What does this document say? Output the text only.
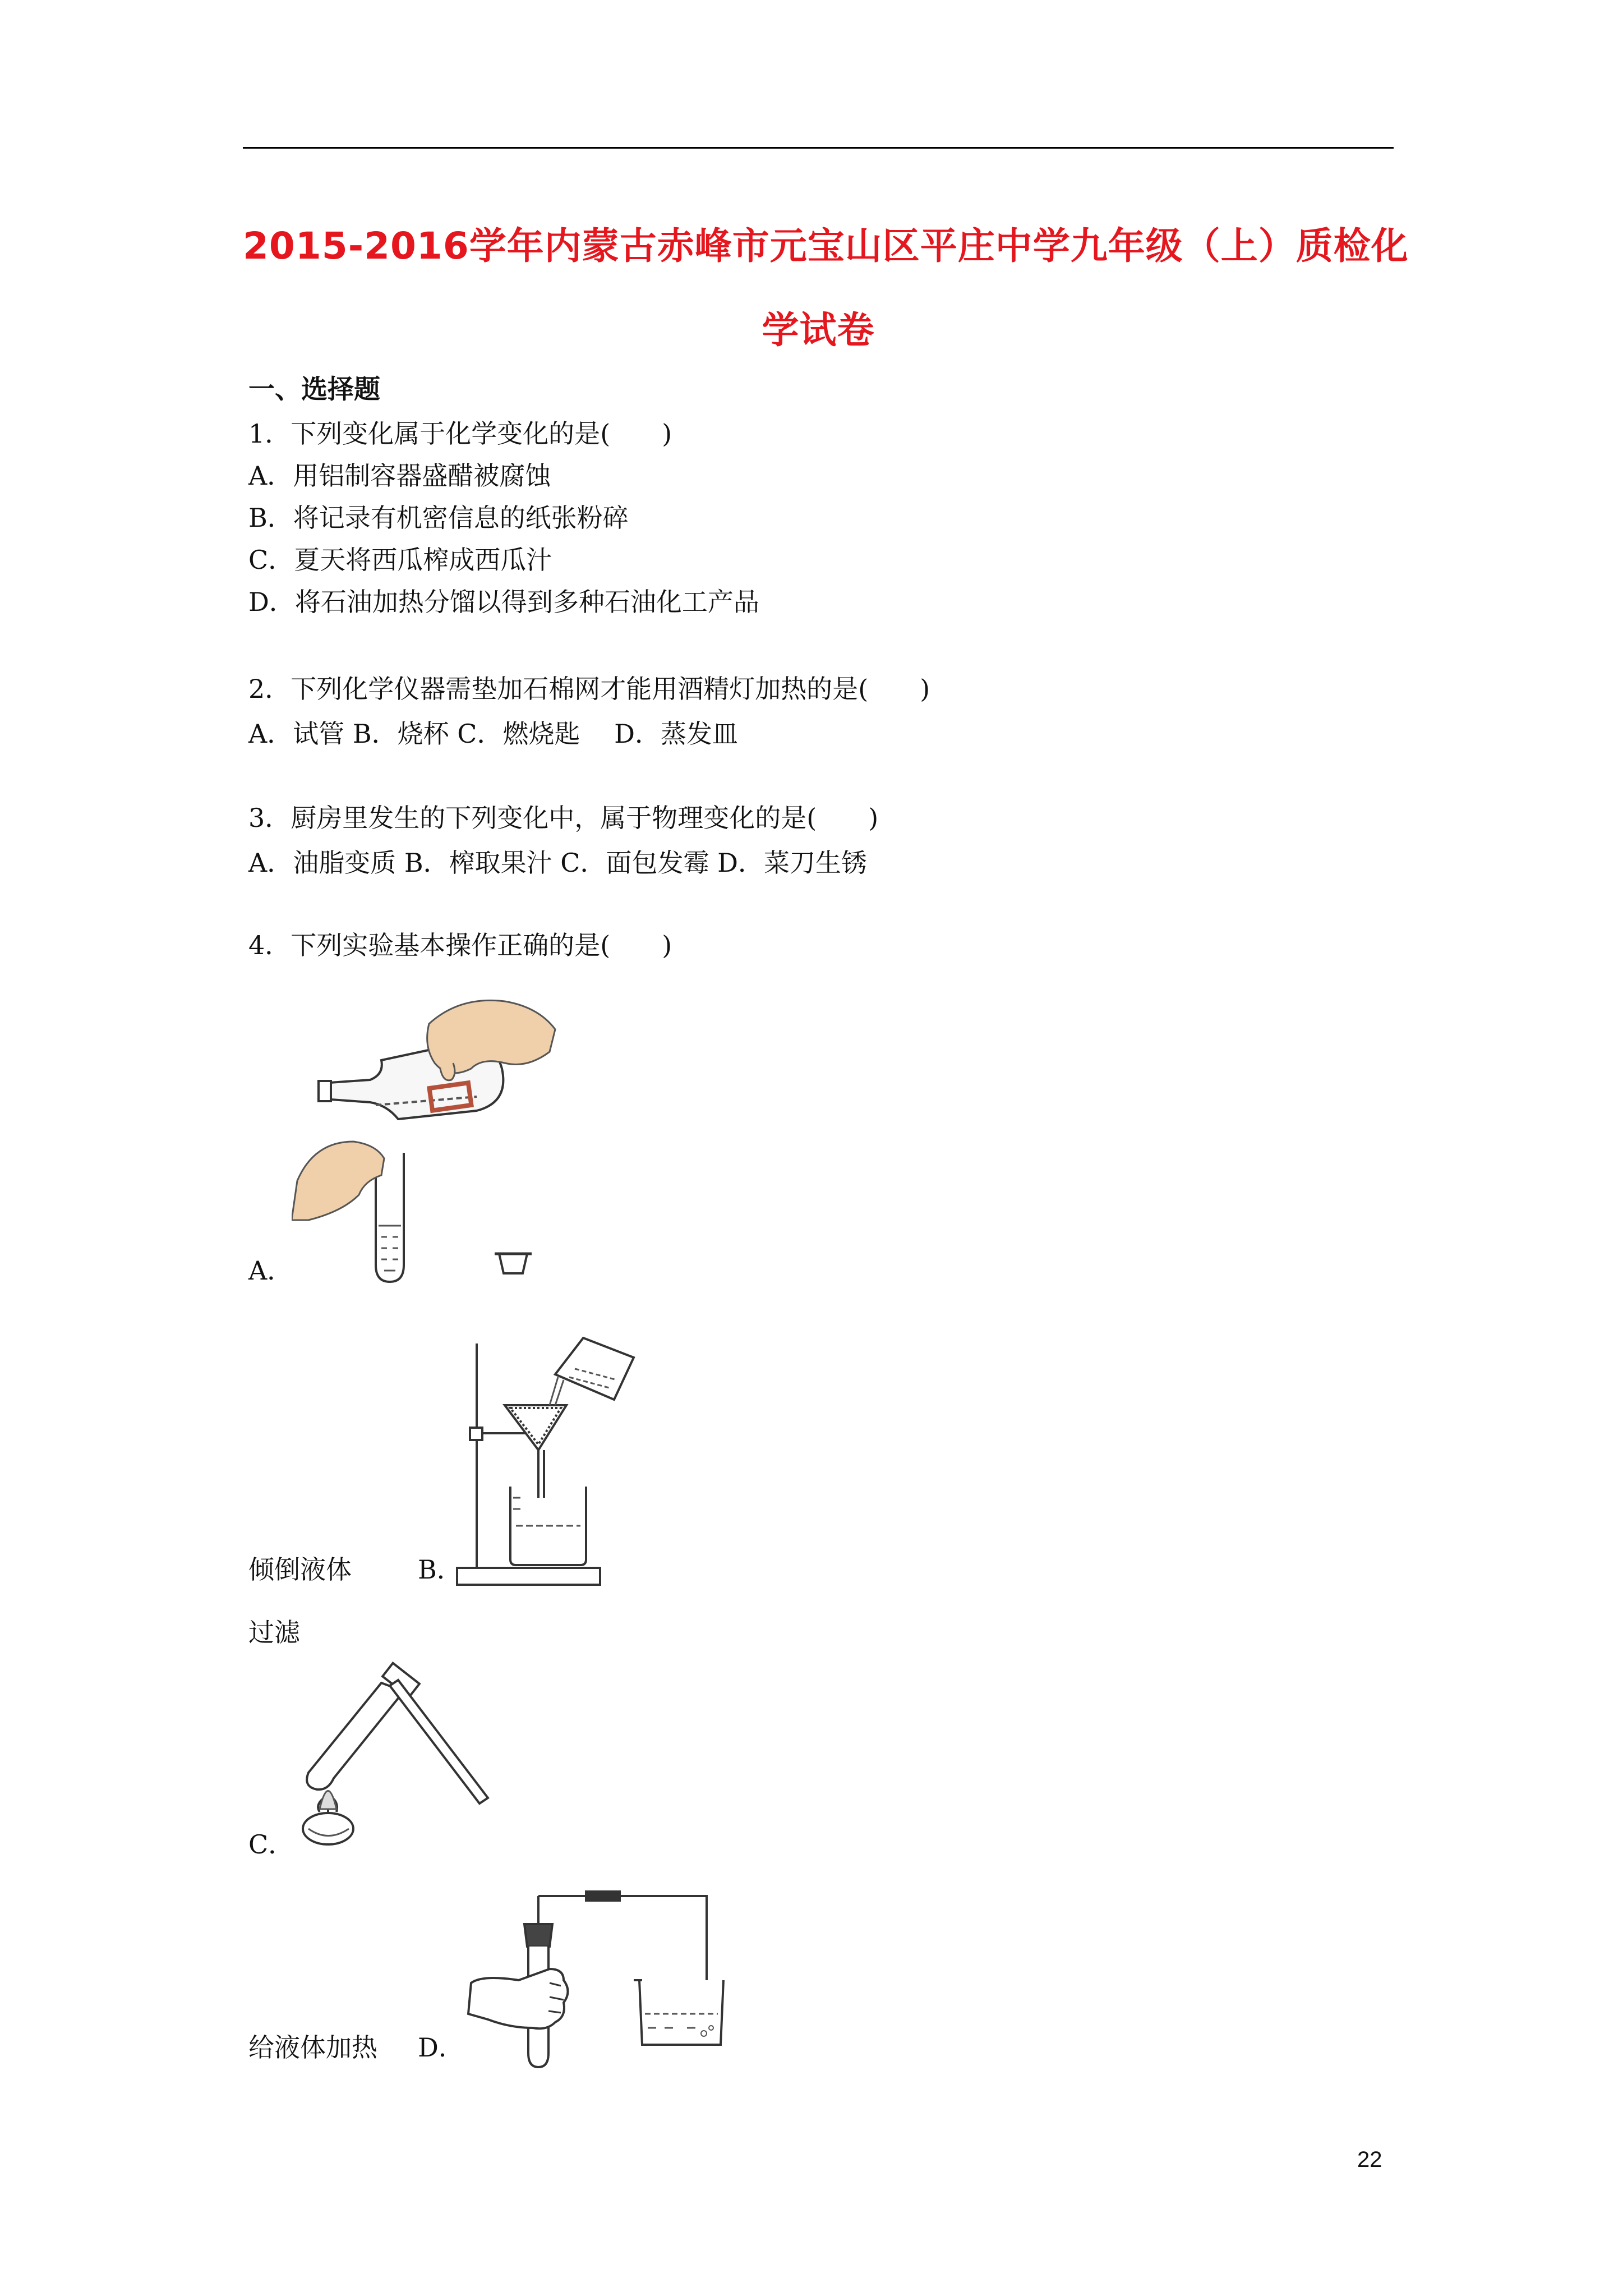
2015-2016学年内蒙古赤峰市元宝山区平庄中学九年级（上）质检化
学试卷
一、选择题
1．下列变化属于化学变化的是(　　)
A．用铝制容器盛醋被腐蚀
B．将记录有机密信息的纸张粉碎
C．夏天将西瓜榨成西瓜汁
D．将石油加热分馏以得到多种石油化工产品
2．下列化学仪器需垫加石棉网才能用酒精灯加热的是(　　)
A．试管 B．烧杯 C．燃烧匙　 D．蒸发皿
3．厨房里发生的下列变化中，属于物理变化的是(　　)
A．油脂变质 B．榨取果汁 C．面包发霉 D．菜刀生锈
4．下列实验基本操作正确的是(　　)
A．
倾倒液体	B．
过滤
C．
给液体加热 D．
22
